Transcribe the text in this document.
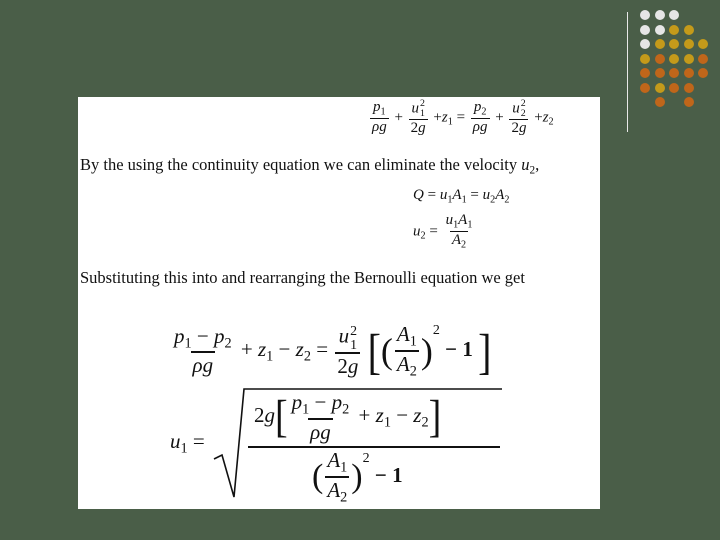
$\frac{p_1}{\rho g} + u$ 2
1
$2g +z_1 = \frac{p_2}{\rho g} + u$ 2
2
$2g +z_2$
By the using the continuity equation we can eliminate the velocity $u_2$,
$Q = u_1A_1 = u_2A_2$
$u_2 = \frac{u_1A_1}{A_2}$
Substituting this into and rearranging the Bernoulli equation we get
$\frac{p_1 - p_2}{\rho g} + z_1 - z_2 = u$ 2
1
2g [( $\frac{A_1}{A_2} )^2 - 1$ ]
$u_1$ =
$2g[ \frac{p_1 - p_2}{\rho g} + z_1 - z_2]$
( $\frac{A_1}{A_2} )^2 - 1$
